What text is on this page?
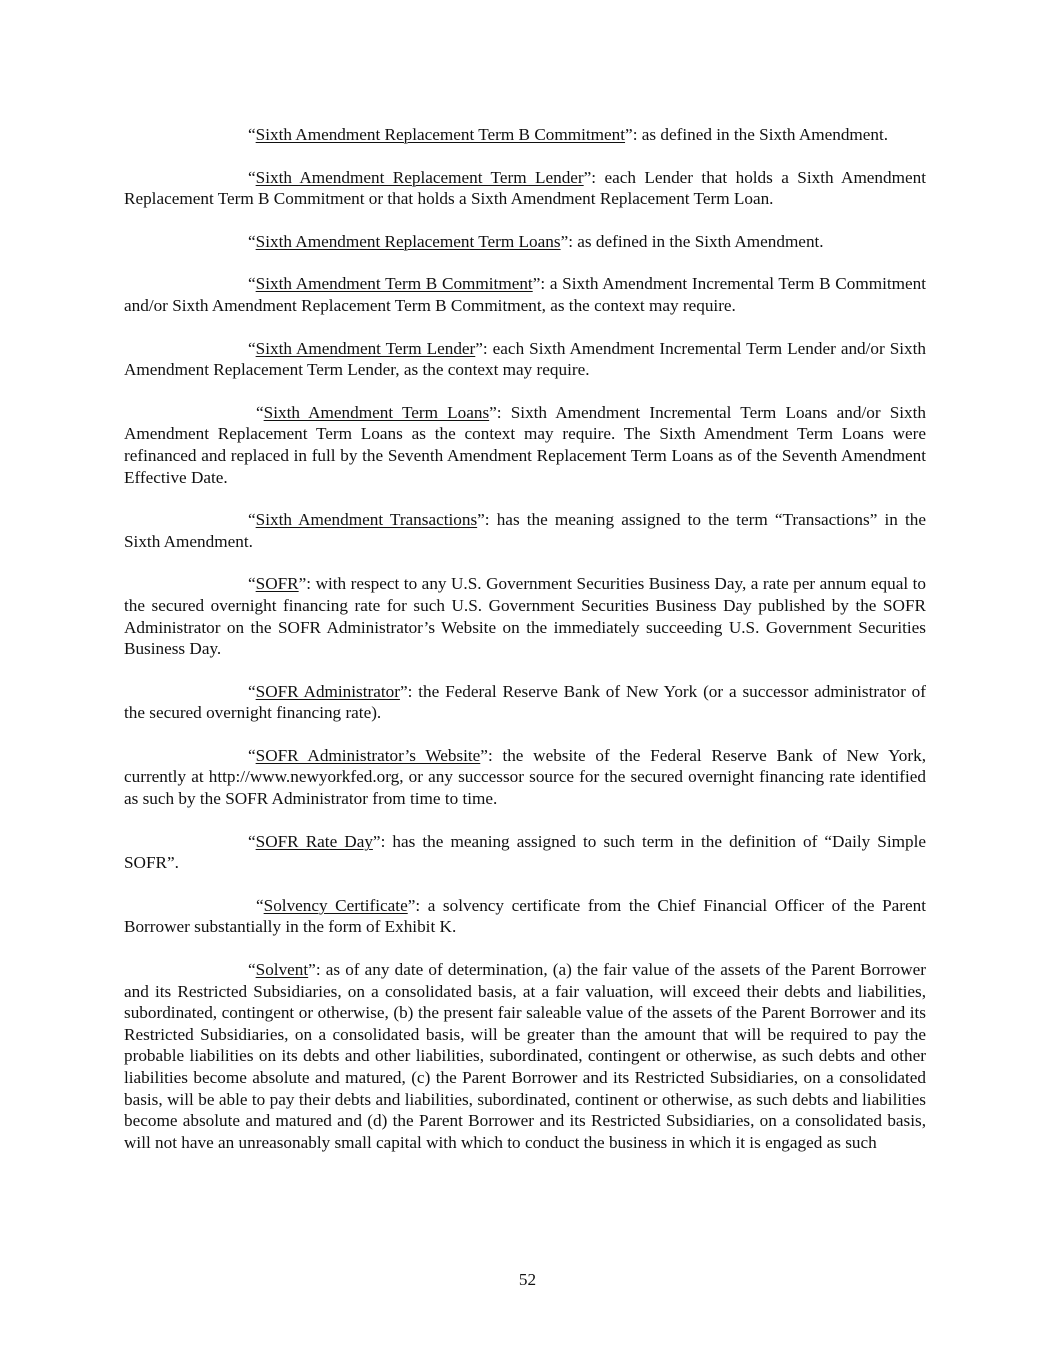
“Sixth Amendment Replacement Term B Commitment”: as defined in the Sixth Amendment.

“Sixth Amendment Replacement Term Lender”: each Lender that holds a Sixth Amendment Replacement Term B Commitment or that holds a Sixth Amendment Replacement Term Loan.

“Sixth Amendment Replacement Term Loans”: as defined in the Sixth Amendment.

“Sixth Amendment Term B Commitment”: a Sixth Amendment Incremental Term B Commitment and/or Sixth Amendment Replacement Term B Commitment, as the context may require.

“Sixth Amendment Term Lender”: each Sixth Amendment Incremental Term Lender and/or Sixth Amendment Replacement Term Lender, as the context may require.

“Sixth Amendment Term Loans”: Sixth Amendment Incremental Term Loans and/or Sixth Amendment Replacement Term Loans as the context may require. The Sixth Amendment Term Loans were refinanced and replaced in full by the Seventh Amendment Replacement Term Loans as of the Seventh Amendment Effective Date.

“Sixth Amendment Transactions”: has the meaning assigned to the term “Transactions” in the Sixth Amendment.

“SOFR”: with respect to any U.S. Government Securities Business Day, a rate per annum equal to the secured overnight financing rate for such U.S. Government Securities Business Day published by the SOFR Administrator on the SOFR Administrator’s Website on the immediately succeeding U.S. Government Securities Business Day.

“SOFR Administrator”: the Federal Reserve Bank of New York (or a successor administrator of the secured overnight financing rate).

“SOFR Administrator’s Website”: the website of the Federal Reserve Bank of New York, currently at http://www.newyorkfed.org, or any successor source for the secured overnight financing rate identified as such by the SOFR Administrator from time to time.

“SOFR Rate Day”: has the meaning assigned to such term in the definition of “Daily Simple SOFR”.

“Solvency Certificate”: a solvency certificate from the Chief Financial Officer of the Parent Borrower substantially in the form of Exhibit K.

“Solvent”: as of any date of determination, (a) the fair value of the assets of the Parent Borrower and its Restricted Subsidiaries, on a consolidated basis, at a fair valuation, will exceed their debts and liabilities, subordinated, contingent or otherwise, (b) the present fair saleable value of the assets of the Parent Borrower and its Restricted Subsidiaries, on a consolidated basis, will be greater than the amount that will be required to pay the probable liabilities on its debts and other liabilities, subordinated, contingent or otherwise, as such debts and other liabilities become absolute and matured, (c) the Parent Borrower and its Restricted Subsidiaries, on a consolidated basis, will be able to pay their debts and liabilities, subordinated, continent or otherwise, as such debts and liabilities become absolute and matured and (d) the Parent Borrower and its Restricted Subsidiaries, on a consolidated basis, will not have an unreasonably small capital with which to conduct the business in which it is engaged as such

52
